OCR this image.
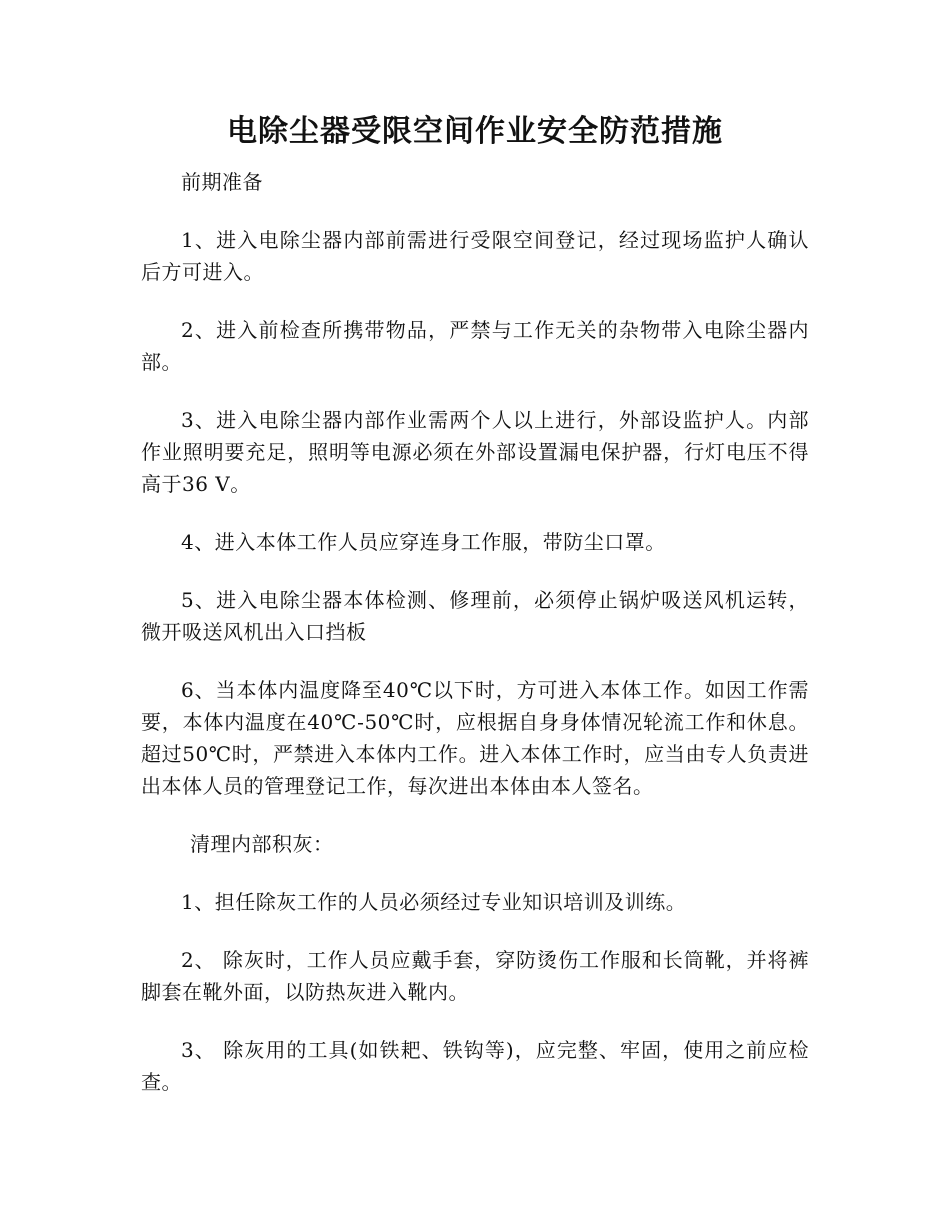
电除尘器受限空间作业安全防范措施

前期准备

1、进入电除尘器内部前需进行受限空间登记，经过现场监护人确认后方可进入。

2、进入前检查所携带物品，严禁与工作无关的杂物带入电除尘器内部。

3、进入电除尘器内部作业需两个人以上进行，外部设监护人。内部作业照明要充足，照明等电源必须在外部设置漏电保护器，行灯电压不得高于36 V。

4、进入本体工作人员应穿连身工作服，带防尘口罩。

5、进入电除尘器本体检测、修理前，必须停止锅炉吸送风机运转，微开吸送风机出入口挡板

6、当本体内温度降至40℃以下时，方可进入本体工作。如因工作需要，本体内温度在40℃-50℃时，应根据自身身体情况轮流工作和休息。超过50℃时，严禁进入本体内工作。进入本体工作时，应当由专人负责进出本体人员的管理登记工作，每次进出本体由本人签名。

清理内部积灰：

1、担任除灰工作的人员必须经过专业知识培训及训练。

2、 除灰时，工作人员应戴手套，穿防烫伤工作服和长筒靴，并将裤脚套在靴外面，以防热灰进入靴内。

3、 除灰用的工具(如铁耙、铁钩等)，应完整、牢固，使用之前应检查。
